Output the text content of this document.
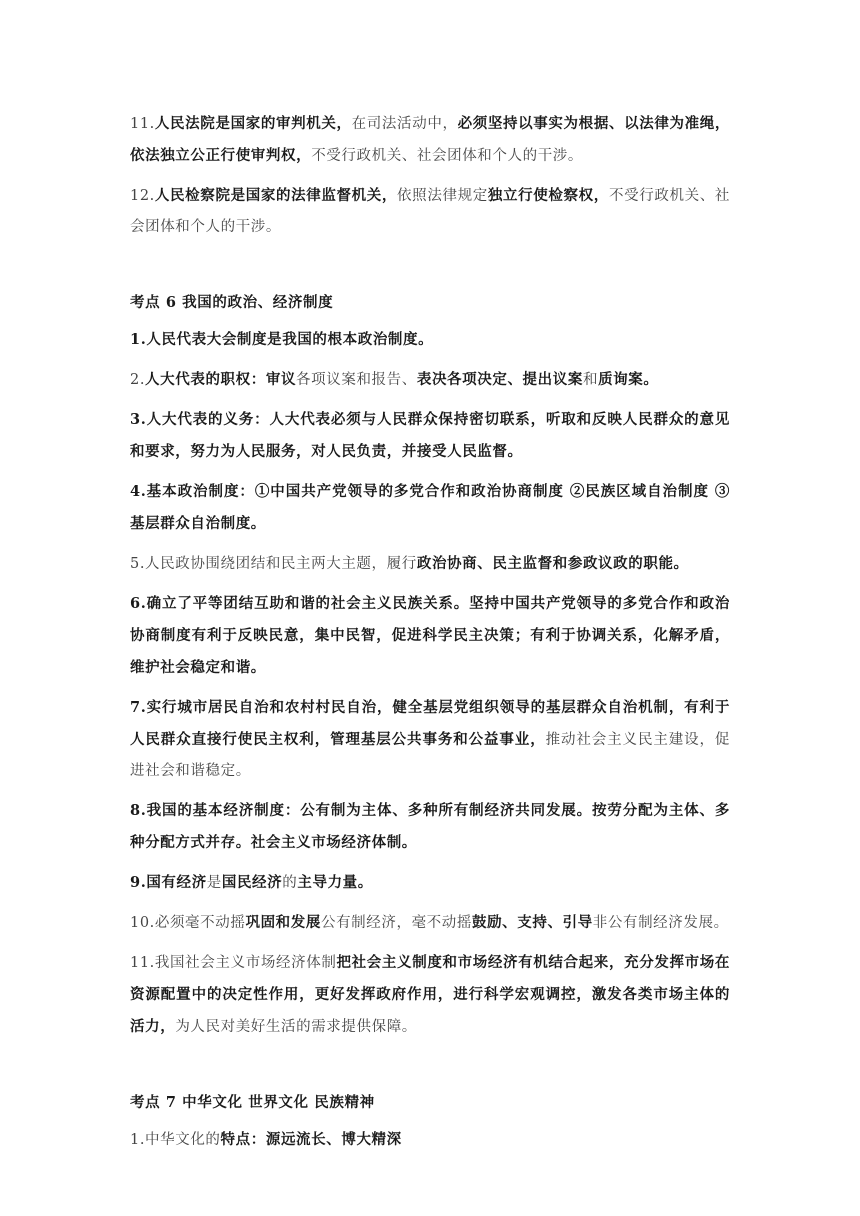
11.人民法院是国家的审判机关，在司法活动中，必须坚持以事实为根据、以法律为准绳，依法独立公正行使审判权，不受行政机关、社会团体和个人的干涉。
12.人民检察院是国家的法律监督机关，依照法律规定独立行使检察权，不受行政机关、社会团体和个人的干涉。
考点 6 我国的政治、经济制度
1.人民代表大会制度是我国的根本政治制度。
2.人大代表的职权：审议各项议案和报告、表决各项决定、提出议案和质询案。
3.人大代表的义务：人大代表必须与人民群众保持密切联系，听取和反映人民群众的意见和要求，努力为人民服务，对人民负责，并接受人民监督。
4.基本政治制度：①中国共产党领导的多党合作和政治协商制度 ②民族区域自治制度 ③基层群众自治制度。
5.人民政协围绕团结和民主两大主题，履行政治协商、民主监督和参政议政的职能。
6.确立了平等团结互助和谐的社会主义民族关系。坚持中国共产党领导的多党合作和政治协商制度有利于反映民意，集中民智，促进科学民主决策；有利于协调关系，化解矛盾，维护社会稳定和谐。
7.实行城市居民自治和农村村民自治，健全基层党组织领导的基层群众自治机制，有利于人民群众直接行使民主权利，管理基层公共事务和公益事业，推动社会主义民主建设，促进社会和谐稳定。
8.我国的基本经济制度：公有制为主体、多种所有制经济共同发展。按劳分配为主体、多种分配方式并存。社会主义市场经济体制。
9.国有经济是国民经济的主导力量。
10.必须毫不动摇巩固和发展公有制经济，毫不动摇鼓励、支持、引导非公有制经济发展。
11.我国社会主义市场经济体制把社会主义制度和市场经济有机结合起来，充分发挥市场在资源配置中的决定性作用，更好发挥政府作用，进行科学宏观调控，激发各类市场主体的活力，为人民对美好生活的需求提供保障。
考点 7 中华文化 世界文化 民族精神
1.中华文化的特点：源远流长、博大精深
